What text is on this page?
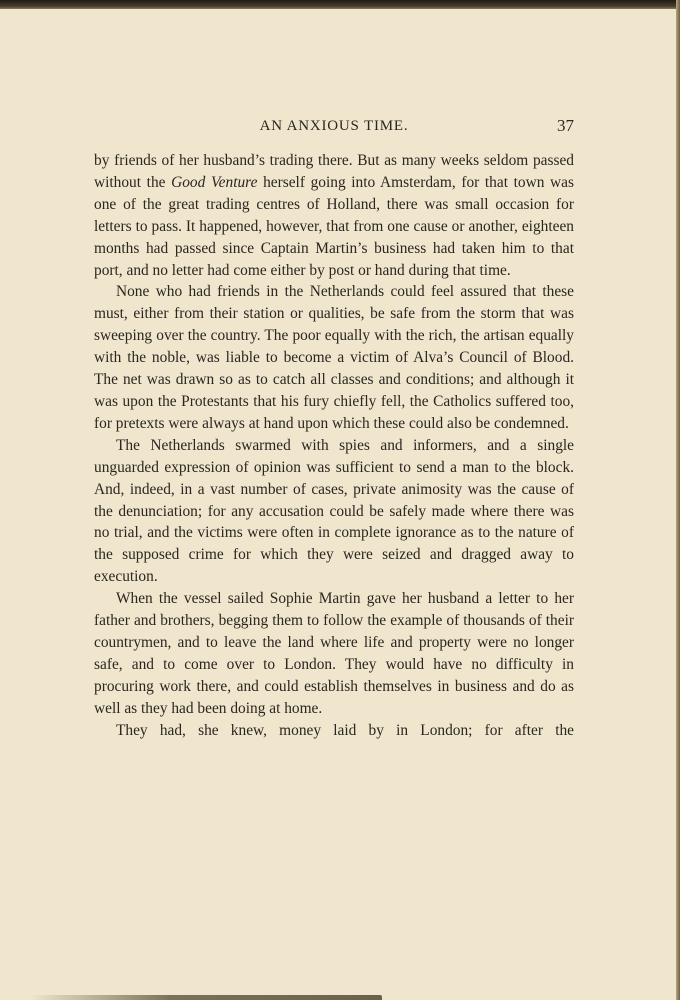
AN ANXIOUS TIME.	37

by friends of her husband’s trading there. But as many weeks seldom passed without the Good Venture herself going into Amsterdam, for that town was one of the great trading centres of Holland, there was small occasion for letters to pass. It happened, however, that from one cause or another, eighteen months had passed since Captain Martin’s business had taken him to that port, and no letter had come either by post or hand during that time.

None who had friends in the Netherlands could feel assured that these must, either from their station or qualities, be safe from the storm that was sweeping over the country. The poor equally with the rich, the artisan equally with the noble, was liable to become a victim of Alva’s Council of Blood. The net was drawn so as to catch all classes and conditions; and although it was upon the Protestants that his fury chiefly fell, the Catholics suffered too, for pretexts were always at hand upon which these could also be condemned.

The Netherlands swarmed with spies and informers, and a single unguarded expression of opinion was sufficient to send a man to the block. And, indeed, in a vast number of cases, private animosity was the cause of the denunciation; for any accusation could be safely made where there was no trial, and the victims were often in complete ignorance as to the nature of the supposed crime for which they were seized and dragged away to execution.

When the vessel sailed Sophie Martin gave her husband a letter to her father and brothers, begging them to follow the example of thousands of their countrymen, and to leave the land where life and property were no longer safe, and to come over to London. They would have no difficulty in procuring work there, and could establish themselves in business and do as well as they had been doing at home.

They had, she knew, money laid by in London; for after the
